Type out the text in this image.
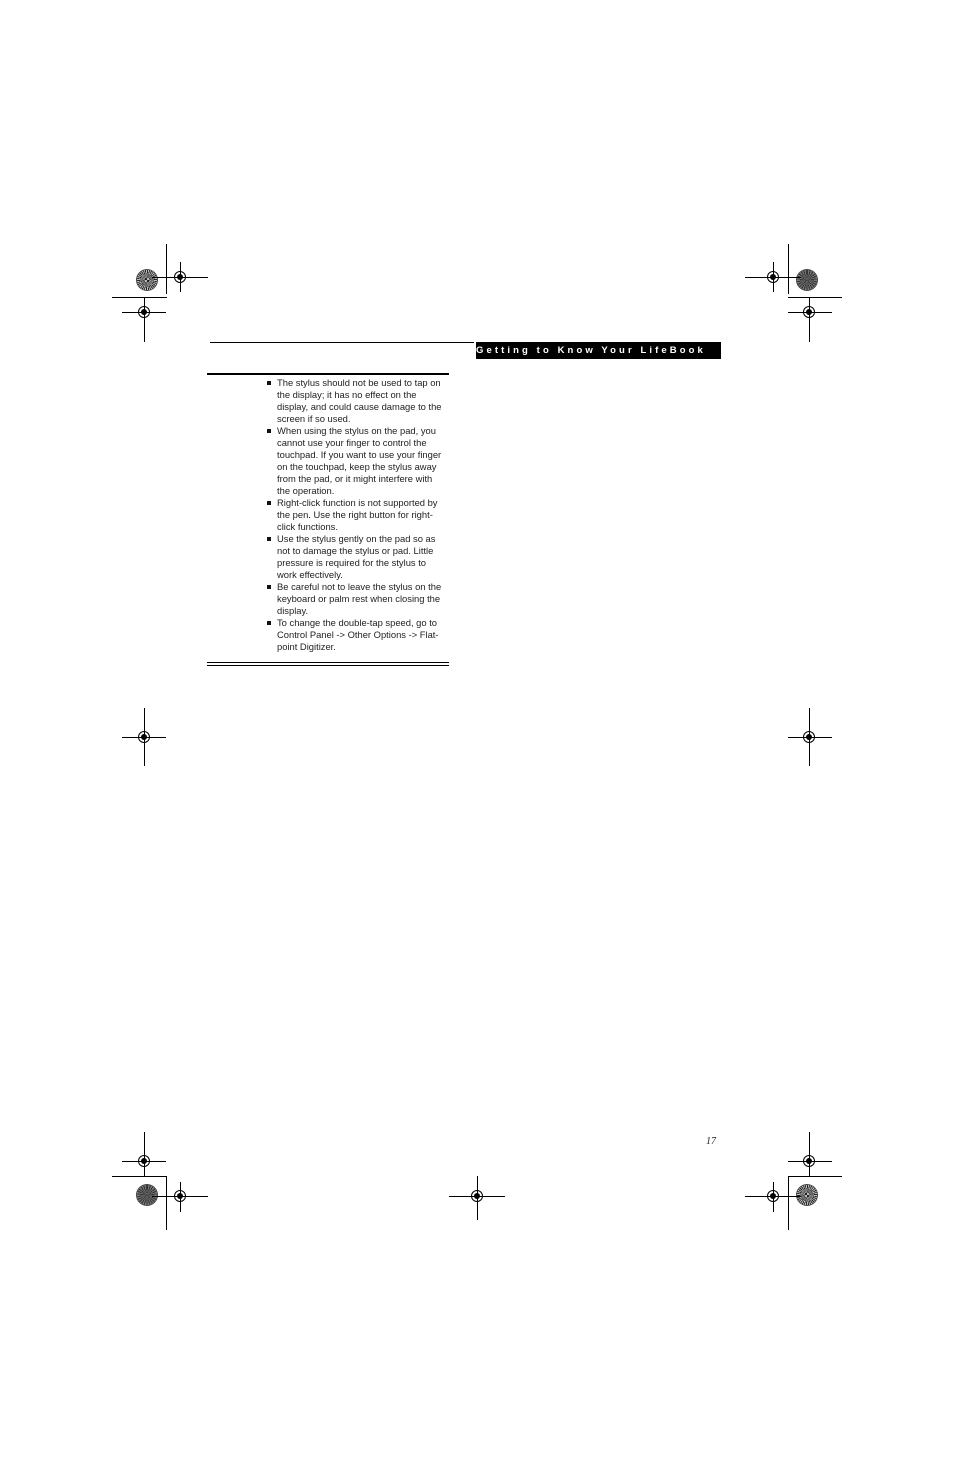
Getting to Know Your LifeBook
The stylus should not be used to tap on the display; it has no effect on the display, and could cause damage to the screen if so used.
When using the stylus on the pad, you cannot use your finger to control the touchpad. If you want to use your finger on the touchpad, keep the stylus away from the pad, or it might interfere with the operation.
Right-click function is not supported by the pen. Use the right button for right-click functions.
Use the stylus gently on the pad so as not to damage the stylus or pad. Little pressure is required for the stylus to work effectively.
Be careful not to leave the stylus on the keyboard or palm rest when closing the display.
To change the double-tap speed, go to Control Panel -> Other Options -> Flat-point Digitizer.
17
